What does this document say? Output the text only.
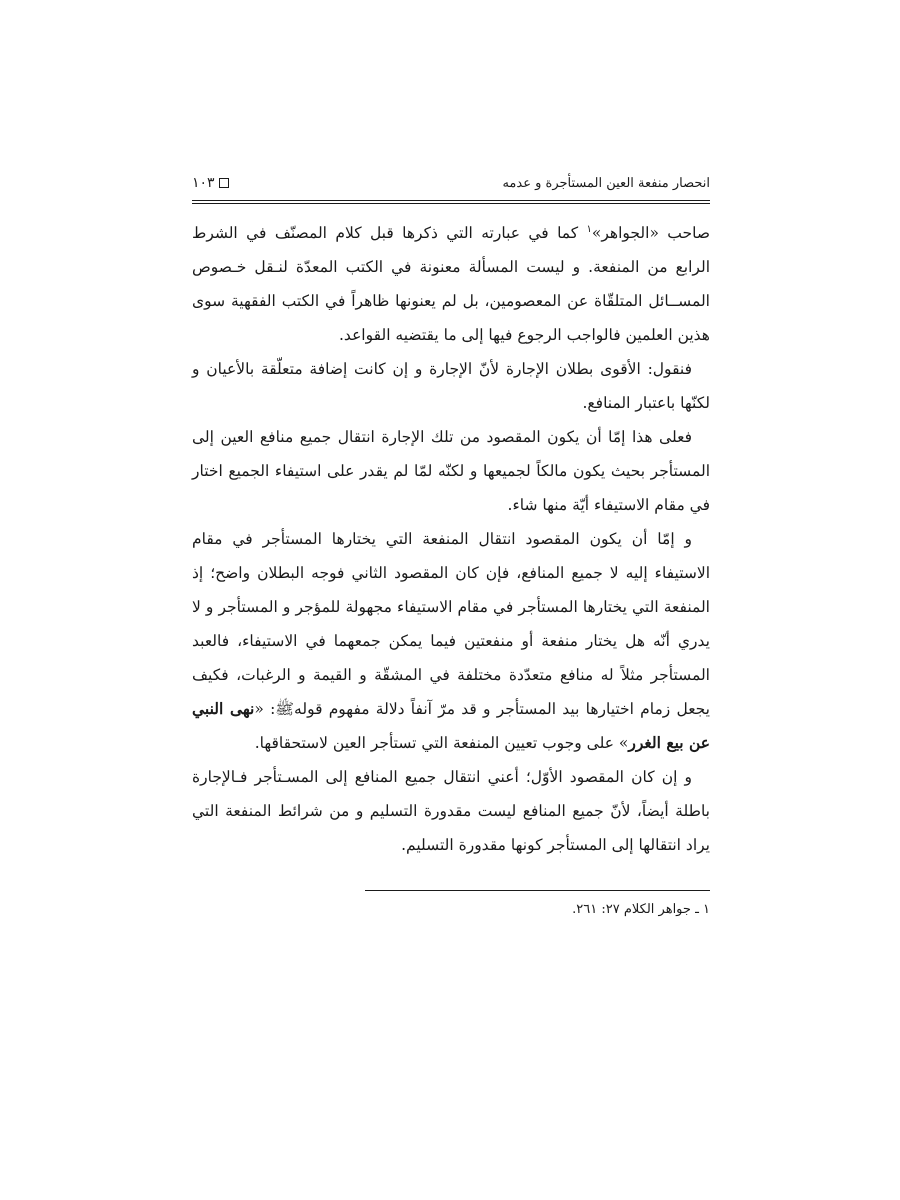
انحصار منفعة العين المستأجرة و عدمه
١٠٣

صاحب «الجواهر»$^١$ كما في عبارته التي ذكرها قبل كلام المصنّف في الشرط الرابع من المنفعة. و ليست المسألة معنونة في الكتب المعدّة لنـقل خـصوص المســائل المتلقّاة عن المعصومين، بل لم يعنونها ظاهراً في الكتب الفقهية سوى هذين العلمين فالواجب الرجوع فيها إلى ما يقتضيه القواعد.

فنقول: الأقوى بطلان الإجارة لأنّ الإجارة و إن كانت إضافة متعلّقة بالأعيان و لكنّها باعتبار المنافع.

فعلى هذا إمّا أن يكون المقصود من تلك الإجارة انتقال جميع منافع العين إلى المستأجر بحيث يكون مالكاً لجميعها و لكنّه لمّا لم يقدر على استيفاء الجميع اختار في مقام الاستيفاء أيّة منها شاء.

و إمّا أن يكون المقصود انتقال المنفعة التي يختارها المستأجر في مقام الاستيفاء إليه لا جميع المنافع، فإن كان المقصود الثاني فوجه البطلان واضح؛ إذ المنفعة التي يختارها المستأجر في مقام الاستيفاء مجهولة للمؤجر و المستأجر و لا يدري أنّه هل يختار منفعة أو منفعتين فيما يمكن جمعهما في الاستيفاء، فالعبد المستأجر مثلاً له منافع متعدّدة مختلفة في المشقّة و القيمة و الرغبات، فكيف يجعل زمام اختيارها بيد المستأجر و قد مرّ آنفاً دلالة مفهوم قولهﷺ: «نهى النبي عن بيع الغرر» على وجوب تعيين المنفعة التي تستأجر العين لاستحقاقها.

و إن كان المقصود الأوّل؛ أعني انتقال جميع المنافع إلى المسـتأجر فـالإجارة باطلة أيضاً، لأنّ جميع المنافع ليست مقدورة التسليم و من شرائط المنفعة التي يراد انتقالها إلى المستأجر كونها مقدورة التسليم.

١ ـ جواهر الكلام ٢٧: ٢٦١.
